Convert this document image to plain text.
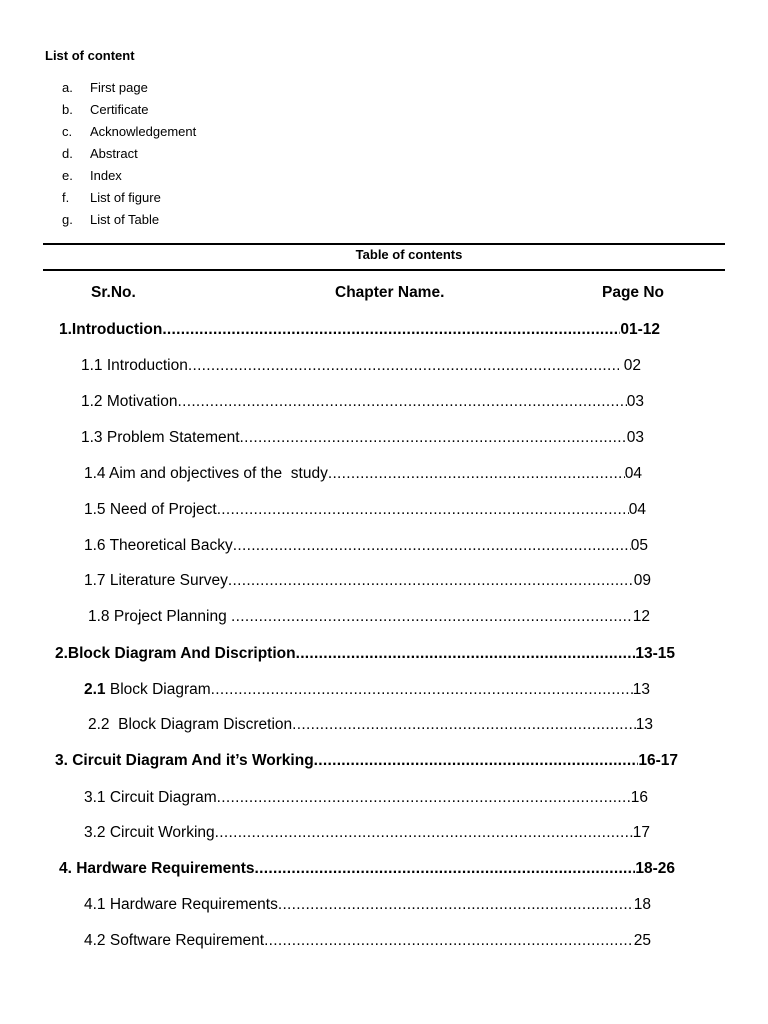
List of content
a. First page
b. Certificate
c. Acknowledgement
d. Abstract
e. Index
f. List of figure
g. List of Table
Table of contents
Sr.No.	Chapter Name.	Page No
1.Introduction .....	01-12
1.1 Introduction .....	02
1.2 Motivation .....	03
1.3 Problem Statement .....	03
1.4 Aim and objectives of the  study .....	04
1.5 Need of Project .....	04
1.6 Theoretical Backy .....	05
1.7 Literature Survey .....	09
1.8 Project Planning .....	12
2.Block Diagram And Discription .....	13-15
2.1 Block Diagram .....	13
2.2  Block Diagram Discretion .....	13
3. Circuit Diagram And it’s Working .....	16-17
3.1 Circuit Diagram .....	16
3.2 Circuit Working .....	17
4. Hardware Requirements .....	18-26
4.1 Hardware Requirements .....	18
4.2 Software Requirement .....	25
